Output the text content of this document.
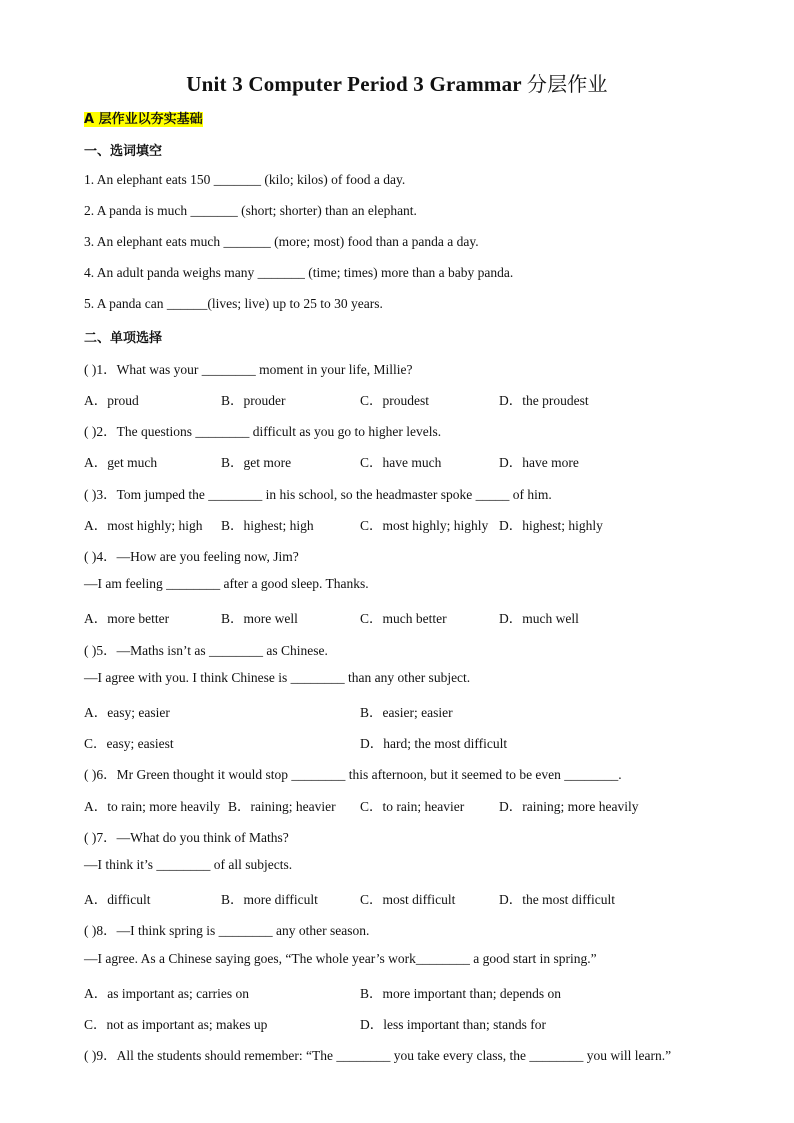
Unit 3 Computer Period 3 Grammar 分层作业
A 层作业以夯实基础
一、选词填空
1. An elephant eats 150 _______ (kilo; kilos) of food a day.
2. A panda is much _______ (short; shorter) than an elephant.
3. An elephant eats much _______ (more; most) food than a panda a day.
4. An adult panda weighs many _______ (time; times) more than a baby panda.
5. A panda can ______(lives; live) up to 25 to 30 years.
二、单项选择
( )1．What was your ________ moment in your life, Millie?
A．proud	B．prouder	C．proudest	D．the proudest
( )2．The questions ________ difficult as you go to higher levels.
A．get much	B．get more	C．have much	D．have more
( )3．Tom jumped the ________ in his school, so the headmaster spoke _____ of him.
A．most highly; high B．highest; high	C．most highly; highly D．highest; highly
( )4．—How are you feeling now, Jim?
—I am feeling ________ after a good sleep. Thanks.
A．more better	B．more well	C．much better	D．much well
( )5．—Maths isn’t as ________ as Chinese.
—I agree with you. I think Chinese is ________ than any other subject.
A．easy; easier	B．easier; easier
C．easy; easiest	D．hard; the most difficult
( )6．Mr Green thought it would stop ________ this afternoon, but it seemed to be even ________.
A．to rain; more heavily B．raining; heavier C．to rain; heavier	D．raining; more heavily
( )7．—What do you think of Maths?
—I think it’s ________ of all subjects.
A．difficult	B．more difficult	C．most difficult	D．the most difficult
( )8．—I think spring is ________ any other season.
—I agree. As a Chinese saying goes, “The whole year’s work________ a good start in spring.”
A．as important as; carries on	B．more important than; depends on
C．not as important as; makes up	D．less important than; stands for
( )9．All the students should remember: “The ________ you take every class, the ________ you will learn.”
